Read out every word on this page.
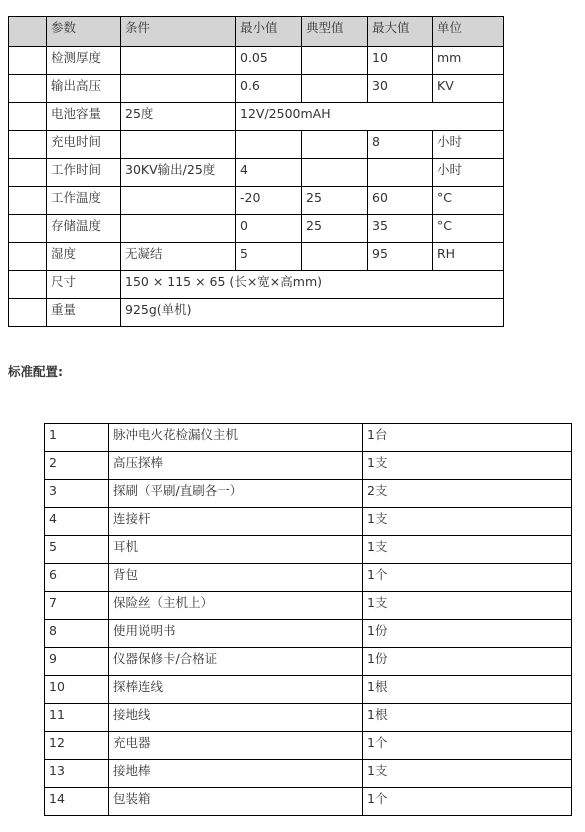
	参数	条件	最小值	典型值	最大值	单位

	检测厚度		0.05		10	mm

	输出高压		0.6		30	KV

	电池容量	25度	12V/2500mAH			

	充电时间				8	小时

	工作时间	30KV输出/25度	4			小时

	工作温度		-20	25	60	°C

	存储温度		0	25	35	°C

	湿度	无凝结	5		95	RH

	尺寸	150 × 115 × 65 (长×宽×高mm)				

	重量	925g(单机)				
标准配置:
1	脉冲电火花检漏仪主机	1台

2	高压探棒	1支

3	探刷（平刷/直刷各一）	2支

4	连接杆	1支

5	耳机	1支

6	背包	1个

7	保险丝（主机上）	1支

8	使用说明书	1份

9	仪器保修卡/合格证	1份

10	探棒连线	1根

11	接地线	1根

12	充电器	1个

13	接地棒	1支

14	包装箱	1个
